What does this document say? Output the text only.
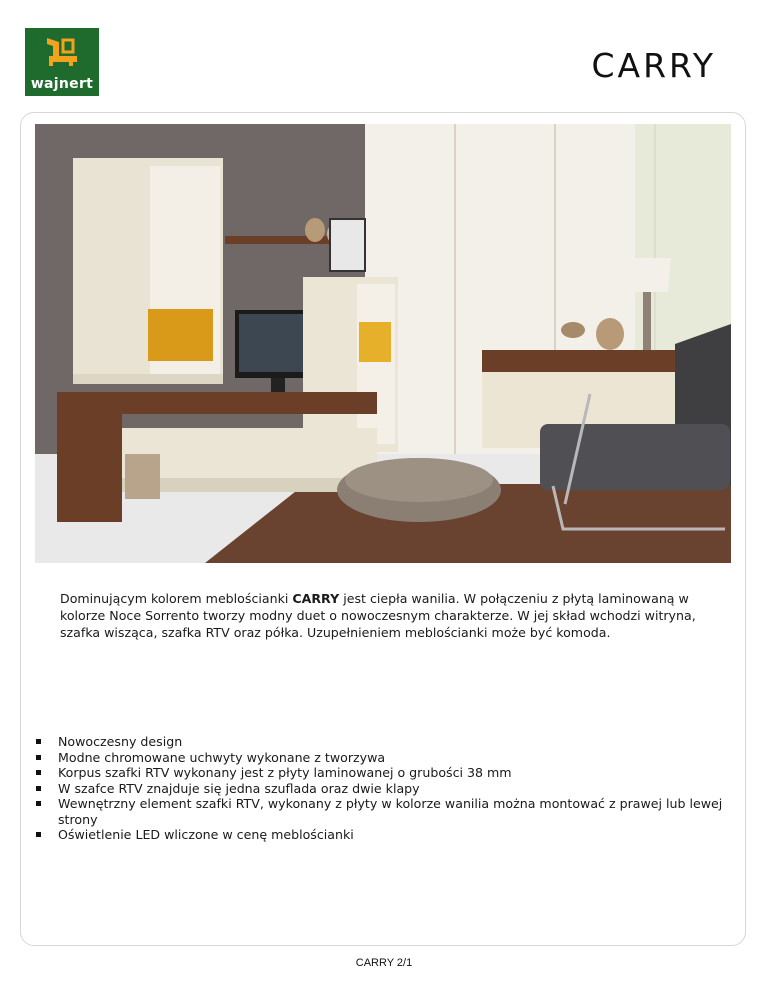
wajnert	CARRY

Dominującym kolorem meblościanki CARRY jest ciepła wanilia. W połączeniu z płytą laminowaną w kolorze Noce Sorrento tworzy modny duet o nowoczesnym charakterze. W jej skład wchodzi witryna, szafka wisząca, szafka RTV oraz półka. Uzupełnieniem meblościanki może być komoda.

Nowoczesny design
Modne chromowane uchwyty wykonane z tworzywa
Korpus szafki RTV wykonany jest z płyty laminowanej o grubości 38 mm
W szafce RTV znajduje się jedna szuflada oraz dwie klapy
Wewnętrzny element szafki RTV, wykonany z płyty w kolorze wanilia można montować z prawej lub lewej strony
Oświetlenie LED wliczone w cenę meblościanki
CARRY 2/1
